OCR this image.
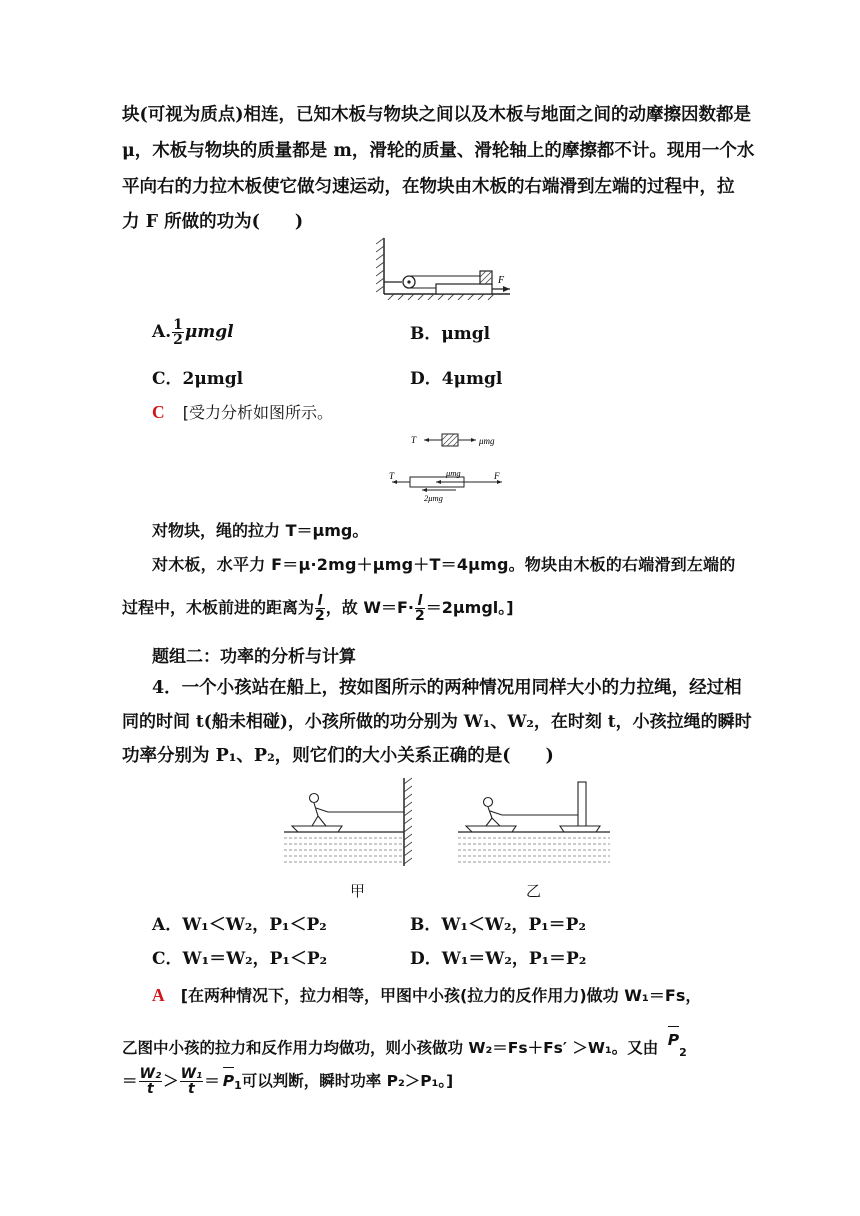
块(可视为质点)相连，已知木板与物块之间以及木板与地面之间的动摩擦因数都是
μ，木板与物块的质量都是 m，滑轮的质量、滑轮轴上的摩擦都不计。现用一个水
平向右的力拉木板使它做匀速运动，在物块由木板的右端滑到左端的过程中，拉
力 F 所做的功为(　　)
F
A. $\frac{1}{2}$ μmgl	B．μmgl
C．2μmgl	D．4μmgl
C [受力分析如图所示。
T	μmg
T	μmg	F
2μmg
对物块，绳的拉力 T＝μmg。
对木板，水平力 F＝μ·2mg＋μmg＋T＝4μmg。物块由木板的右端滑到左端的
过程中，木板前进的距离为 $\frac{l}{2}$ ，故 $W=F\cdot \frac{l}{2} =2\mu mgl$。]
题组二：功率的分析与计算
4．一个小孩站在船上，按如图所示的两种情况用同样大小的力拉绳，经过相
同的时间 t(船未相碰)，小孩所做的功分别为 W₁、W₂，在时刻 t，小孩拉绳的瞬时
功率分别为 P₁、P₂，则它们的大小关系正确的是(　　)
甲	乙
A．W₁＜W₂，P₁＜P₂	B．W₁＜W₂，P₁＝P₂
C．W₁＝W₂，P₁＜P₂	D．W₁＝W₂，P₁＝P₂
A [在两种情况下，拉力相等，甲图中小孩(拉力的反作用力)做功 W₁＝Fs，
乙图中小孩的拉力和反作用力均做功，则小孩做功 W₂＝Fs＋Fs′ ＞W₁。又由 $P_2$
＝ $\frac{\text{W₂}}{t} > \frac{\text{W₁}}{t} = P_1$可以判断，瞬时功率 P₂＞P₁。]
